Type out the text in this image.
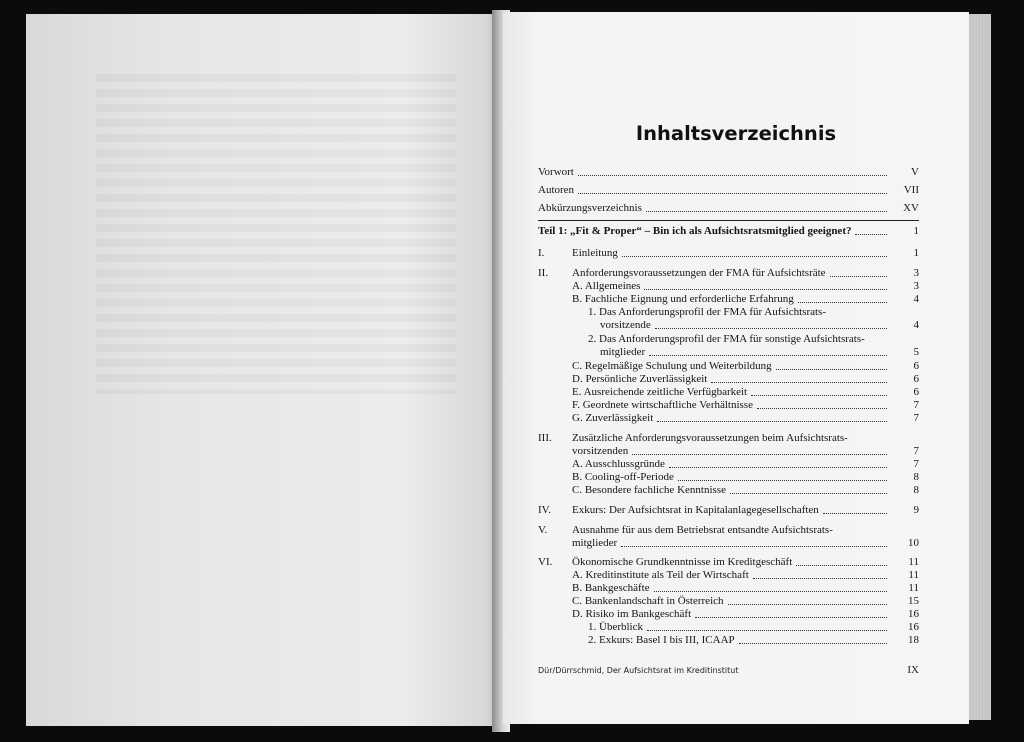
Inhaltsverzeichnis
Vorwort	V
Autoren	VII
Abkürzungsverzeichnis	XV
Teil 1: „Fit & Proper“ – Bin ich als Aufsichtsratsmitglied geeignet?	1
I.	Einleitung	1
II.	Anforderungsvoraussetzungen der FMA für Aufsichtsräte	3
A. Allgemeines	3
B. Fachliche Eignung und erforderliche Erfahrung	4
1. Das Anforderungsprofil der FMA für Aufsichtsrats-
vorsitzende	4
2. Das Anforderungsprofil der FMA für sonstige Aufsichtsrats-
mitglieder	5
C. Regelmäßige Schulung und Weiterbildung	6
D. Persönliche Zuverlässigkeit	6
E. Ausreichende zeitliche Verfügbarkeit	6
F. Geordnete wirtschaftliche Verhältnisse	7
G. Zuverlässigkeit	7
III.	Zusätzliche Anforderungsvoraussetzungen beim Aufsichtsrats-
vorsitzenden	7
A. Ausschlussgründe	7
B. Cooling-off-Periode	8
C. Besondere fachliche Kenntnisse	8
IV.	Exkurs: Der Aufsichtsrat in Kapitalanlagegesellschaften	9
V.	Ausnahme für aus dem Betriebsrat entsandte Aufsichtsrats-
mitglieder	10
VI.	Ökonomische Grundkenntnisse im Kreditgeschäft	11
A. Kreditinstitute als Teil der Wirtschaft	11
B. Bankgeschäfte	11
C. Bankenlandschaft in Österreich	15
D. Risiko im Bankgeschäft	16
1. Überblick	16
2. Exkurs: Basel I bis III, ICAAP	18
Dür/Dürrschmid, Der Aufsichtsrat im Kreditinstitut	IX
